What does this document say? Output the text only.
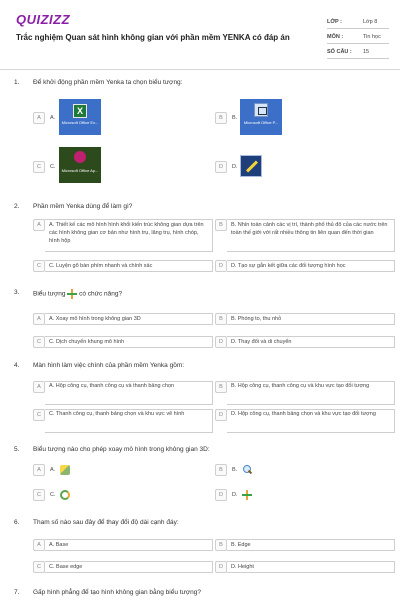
QUIZIZZ
Trắc nghiệm Quan sát hình không gian với phần mềm YENKA có đáp án
LỚP :	Lớp 8
MÔN :	Tin học
SỐ CÂU : 15
1. Để khởi động phần mềm Yenka ta chọn biểu tượng:
A	A.
X
Microsoft Office Ex...
B	B.
Microsoft Office P...
C	C.
Microsoft Office Ap...
D	D.
2. Phần mềm Yenka dùng để làm gì?
A	A. Thiết kế các mô hình hình khối kiến trúc không gian dựa trên các hình không gian cơ bản như hình trụ, lăng trụ, hình chóp, hình hộp
B	B. Nhìn toàn cảnh các vị trí, thành phố thủ đô của các nước trên toàn thế giới với rất nhiều thông tin liên quan đến thời gian
C	C. Luyện gõ bàn phím nhanh và chính xác	D	D. Tạo sự gắn kết giữa các đối tượng hình học
3. Biểu tượng có chức năng?
A	A. Xoay mô hình trong không gian 3D	B	B. Phóng to, thu nhỏ
C	C. Dịch chuyển khung mô hình	D	D. Thay đổi và di chuyển
4. Màn hình làm việc chính của phần mềm Yenka gồm:
A	A. Hộp công cụ, thanh công cụ và thanh bảng chọn	B	B. Hộp công cụ, thanh công cụ và khu vực tạo đối tượng
C	C. Thanh công cụ, thanh bảng chọn và khu vực vẽ hình	D	D. Hộp công cụ, thanh bảng chọn và khu vực tạo đối tượng
5. Biểu tượng nào cho phép xoay mô hình trong không gian 3D:
A	A.	B	B.
C	C.	D	D.
6. Tham số nào sau đây để thay đổi độ dài cạnh đáy:
A	A. Base	B	B. Edge
C	C. Base edge	D	D. Height
7. Gấp hình phẳng để tạo hình không gian bằng biểu tượng?
